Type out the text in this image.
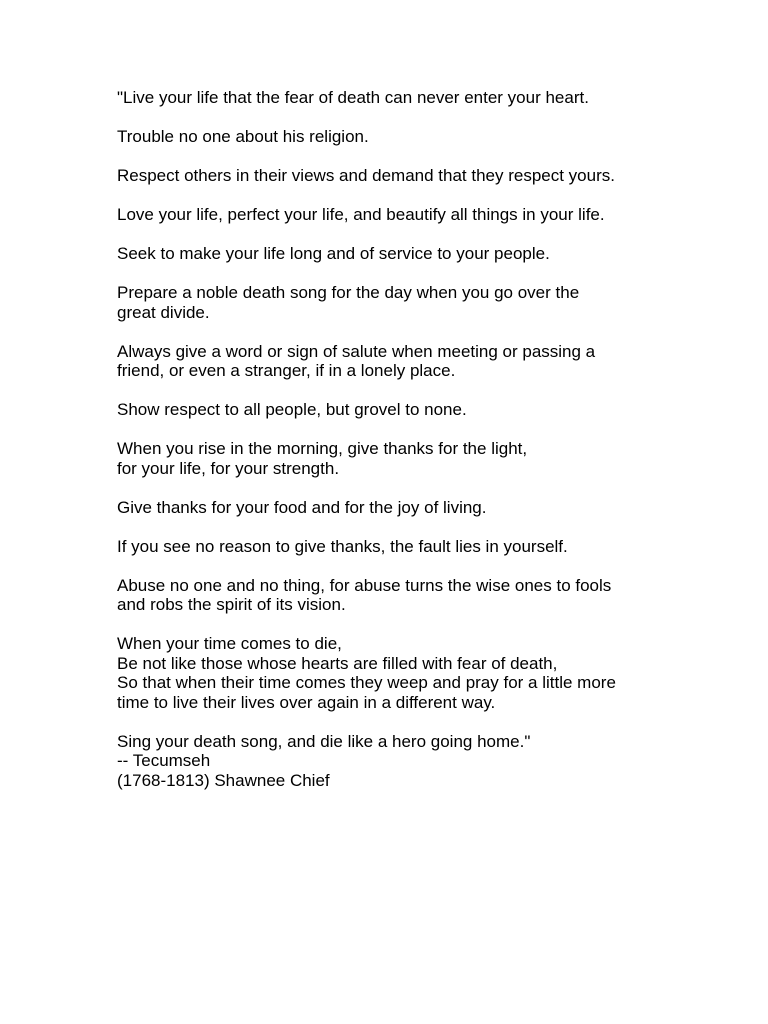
"Live your life that the fear of death can never enter your heart.

Trouble no one about his religion.

Respect others in their views and demand that they respect yours.

Love your life, perfect your life, and beautify all things in your life.

Seek to make your life long and of service to your people.

Prepare a noble death song for the day when you go over the
great divide.

Always give a word or sign of salute when meeting or passing a
friend, or even a stranger, if in a lonely place.

Show respect to all people, but grovel to none.

When you rise in the morning, give thanks for the light,
for your life, for your strength.

Give thanks for your food and for the joy of living.

If you see no reason to give thanks, the fault lies in yourself.

Abuse no one and no thing, for abuse turns the wise ones to fools
and robs the spirit of its vision.

When your time comes to die,
Be not like those whose hearts are filled with fear of death,
So that when their time comes they weep and pray for a little more
time to live their lives over again in a different way.

Sing your death song, and die like a hero going home."
-- Tecumseh
(1768-1813) Shawnee Chief
